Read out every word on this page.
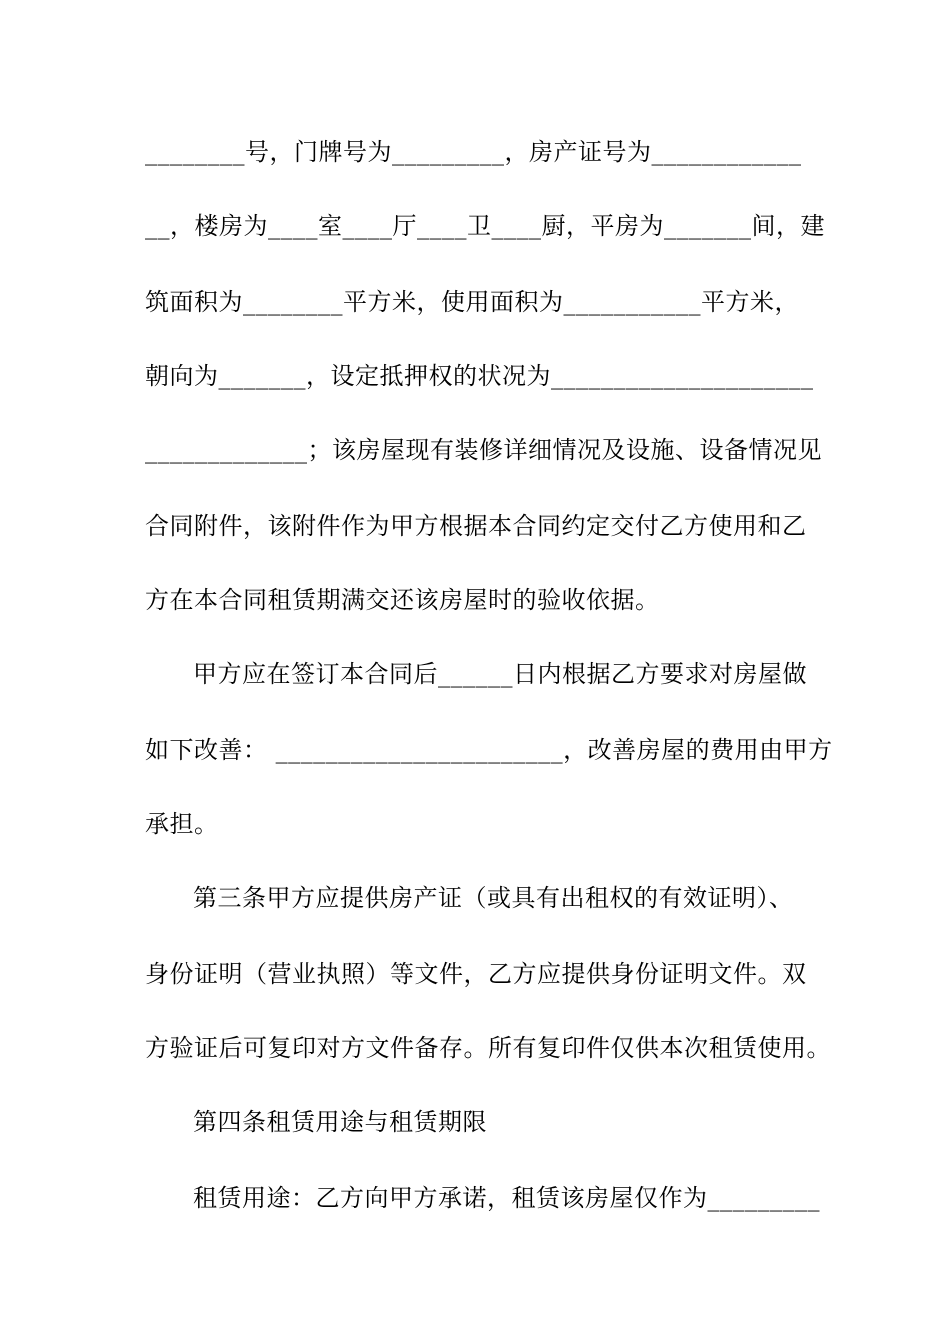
________号，门牌号为_________，房产证号为____________
__，楼房为____室____厅____卫____厨，平房为_______间，建
筑面积为________平方米，使用面积为___________平方米，
朝向为_______，设定抵押权的状况为_____________________
_____________；该房屋现有装修详细情况及设施、设备情况见
合同附件，该附件作为甲方根据本合同约定交付乙方使用和乙
方在本合同租赁期满交还该房屋时的验收依据。
甲方应在签订本合同后______日内根据乙方要求对房屋做
如下改善： _______________________，改善房屋的费用由甲方
承担。
第三条甲方应提供房产证（或具有出租权的有效证明）、
身份证明（营业执照）等文件，乙方应提供身份证明文件。双
方验证后可复印对方文件备存。所有复印件仅供本次租赁使用。
第四条租赁用途与租赁期限
租赁用途：乙方向甲方承诺，租赁该房屋仅作为_________
